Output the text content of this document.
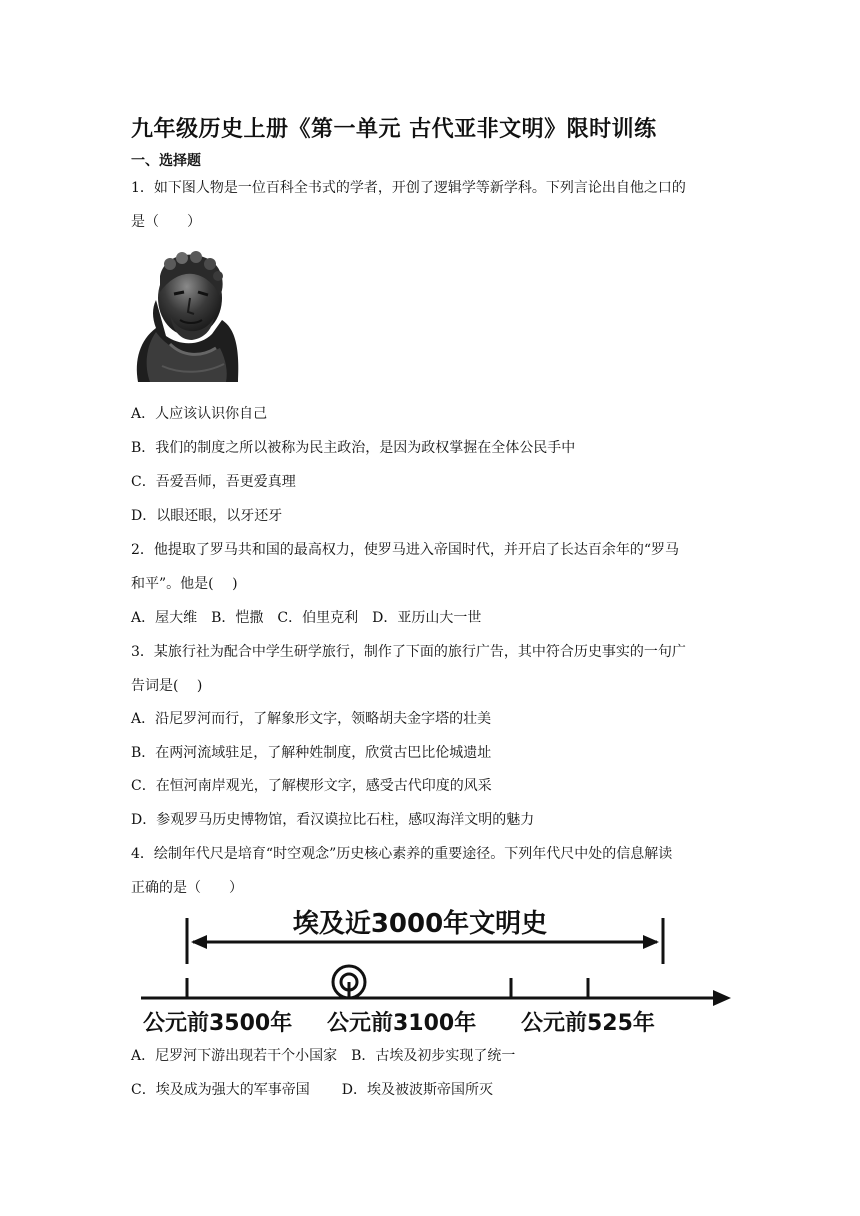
九年级历史上册《第一单元 古代亚非文明》限时训练
一、选择题
1．如下图人物是一位百科全书式的学者，开创了逻辑学等新学科。下列言论出自他之口的
是（　　）
A．人应该认识你自己
B．我们的制度之所以被称为民主政治，是因为政权掌握在全体公民手中
C．吾爱吾师，吾更爱真理
D．以眼还眼，以牙还牙
2．他提取了罗马共和国的最高权力，使罗马进入帝国时代，并开启了长达百余年的“罗马
和平”。他是(　 )
A．屋大维 B．恺撒 C．伯里克利 D．亚历山大一世
3．某旅行社为配合中学生研学旅行，制作了下面的旅行广告，其中符合历史事实的一句广
告词是(　 )
A．沿尼罗河而行，了解象形文字，领略胡夫金字塔的壮美
B．在两河流域驻足，了解种姓制度，欣赏古巴比伦城遗址
C．在恒河南岸观光，了解楔形文字，感受古代印度的风采
D．参观罗马历史博物馆，看汉谟拉比石柱，感叹海洋文明的魅力
4．绘制年代尺是培育“时空观念”历史核心素养的重要途径。下列年代尺中处的信息解读
正确的是（　　）
埃及近3000年文明史
公元前3500年 公元前3100年 公元前525年
A．尼罗河下游出现若干个小国家 B．古埃及初步实现了统一
C．埃及成为强大的军事帝国 D．埃及被波斯帝国所灭
